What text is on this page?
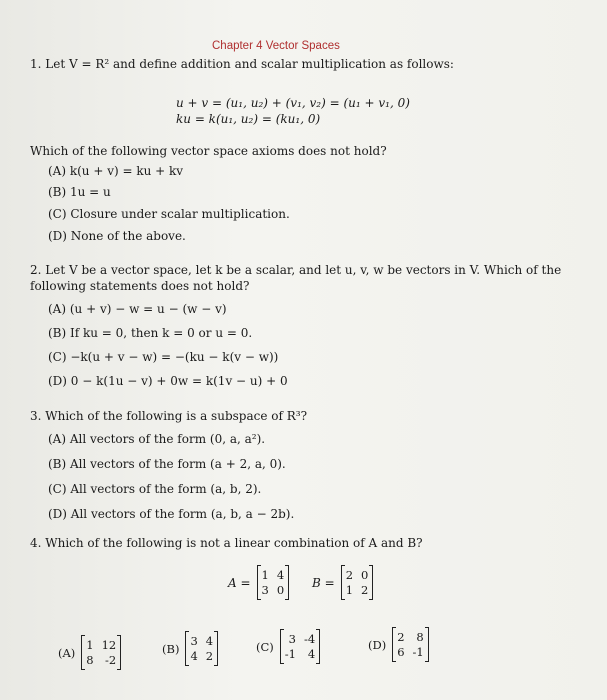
Chapter 4 Vector Spaces
1. Let V = R² and define addition and scalar multiplication as follows:
u + v = (u₁, u₂) + (v₁, v₂) = (u₁ + v₁, 0)
ku = k(u₁, u₂) = (ku₁, 0)
Which of the following vector space axioms does not hold?
(A) k(u + v) = ku + kv
(B) 1u = u
(C) Closure under scalar multiplication.
(D) None of the above.
2. Let V be a vector space, let k be a scalar, and let u, v, w be vectors in V. Which of the
following statements does not hold?
(A) (u + v) − w = u − (w − v)
(B) If ku = 0, then k = 0 or u = 0.
(C) −k(u + v − w) = −(ku − k(v − w))
(D) 0 − k(1u − v) + 0w = k(1v − u) + 0
3. Which of the following is a subspace of R³?
(A) All vectors of the form (0, a, a²).
(B) All vectors of the form (a + 2, a, 0).
(C) All vectors of the form (a, b, 2).
(D) All vectors of the form (a, b, a − 2b).
4. Which of the following is not a linear combination of A and B?
A =
1 4
3 0
B =
2 0
1 2
(A)
1 12
8 -2
(B)
3 4
4 2
(C)
3 -4
-1	4
(D)
2	8
6 -1
